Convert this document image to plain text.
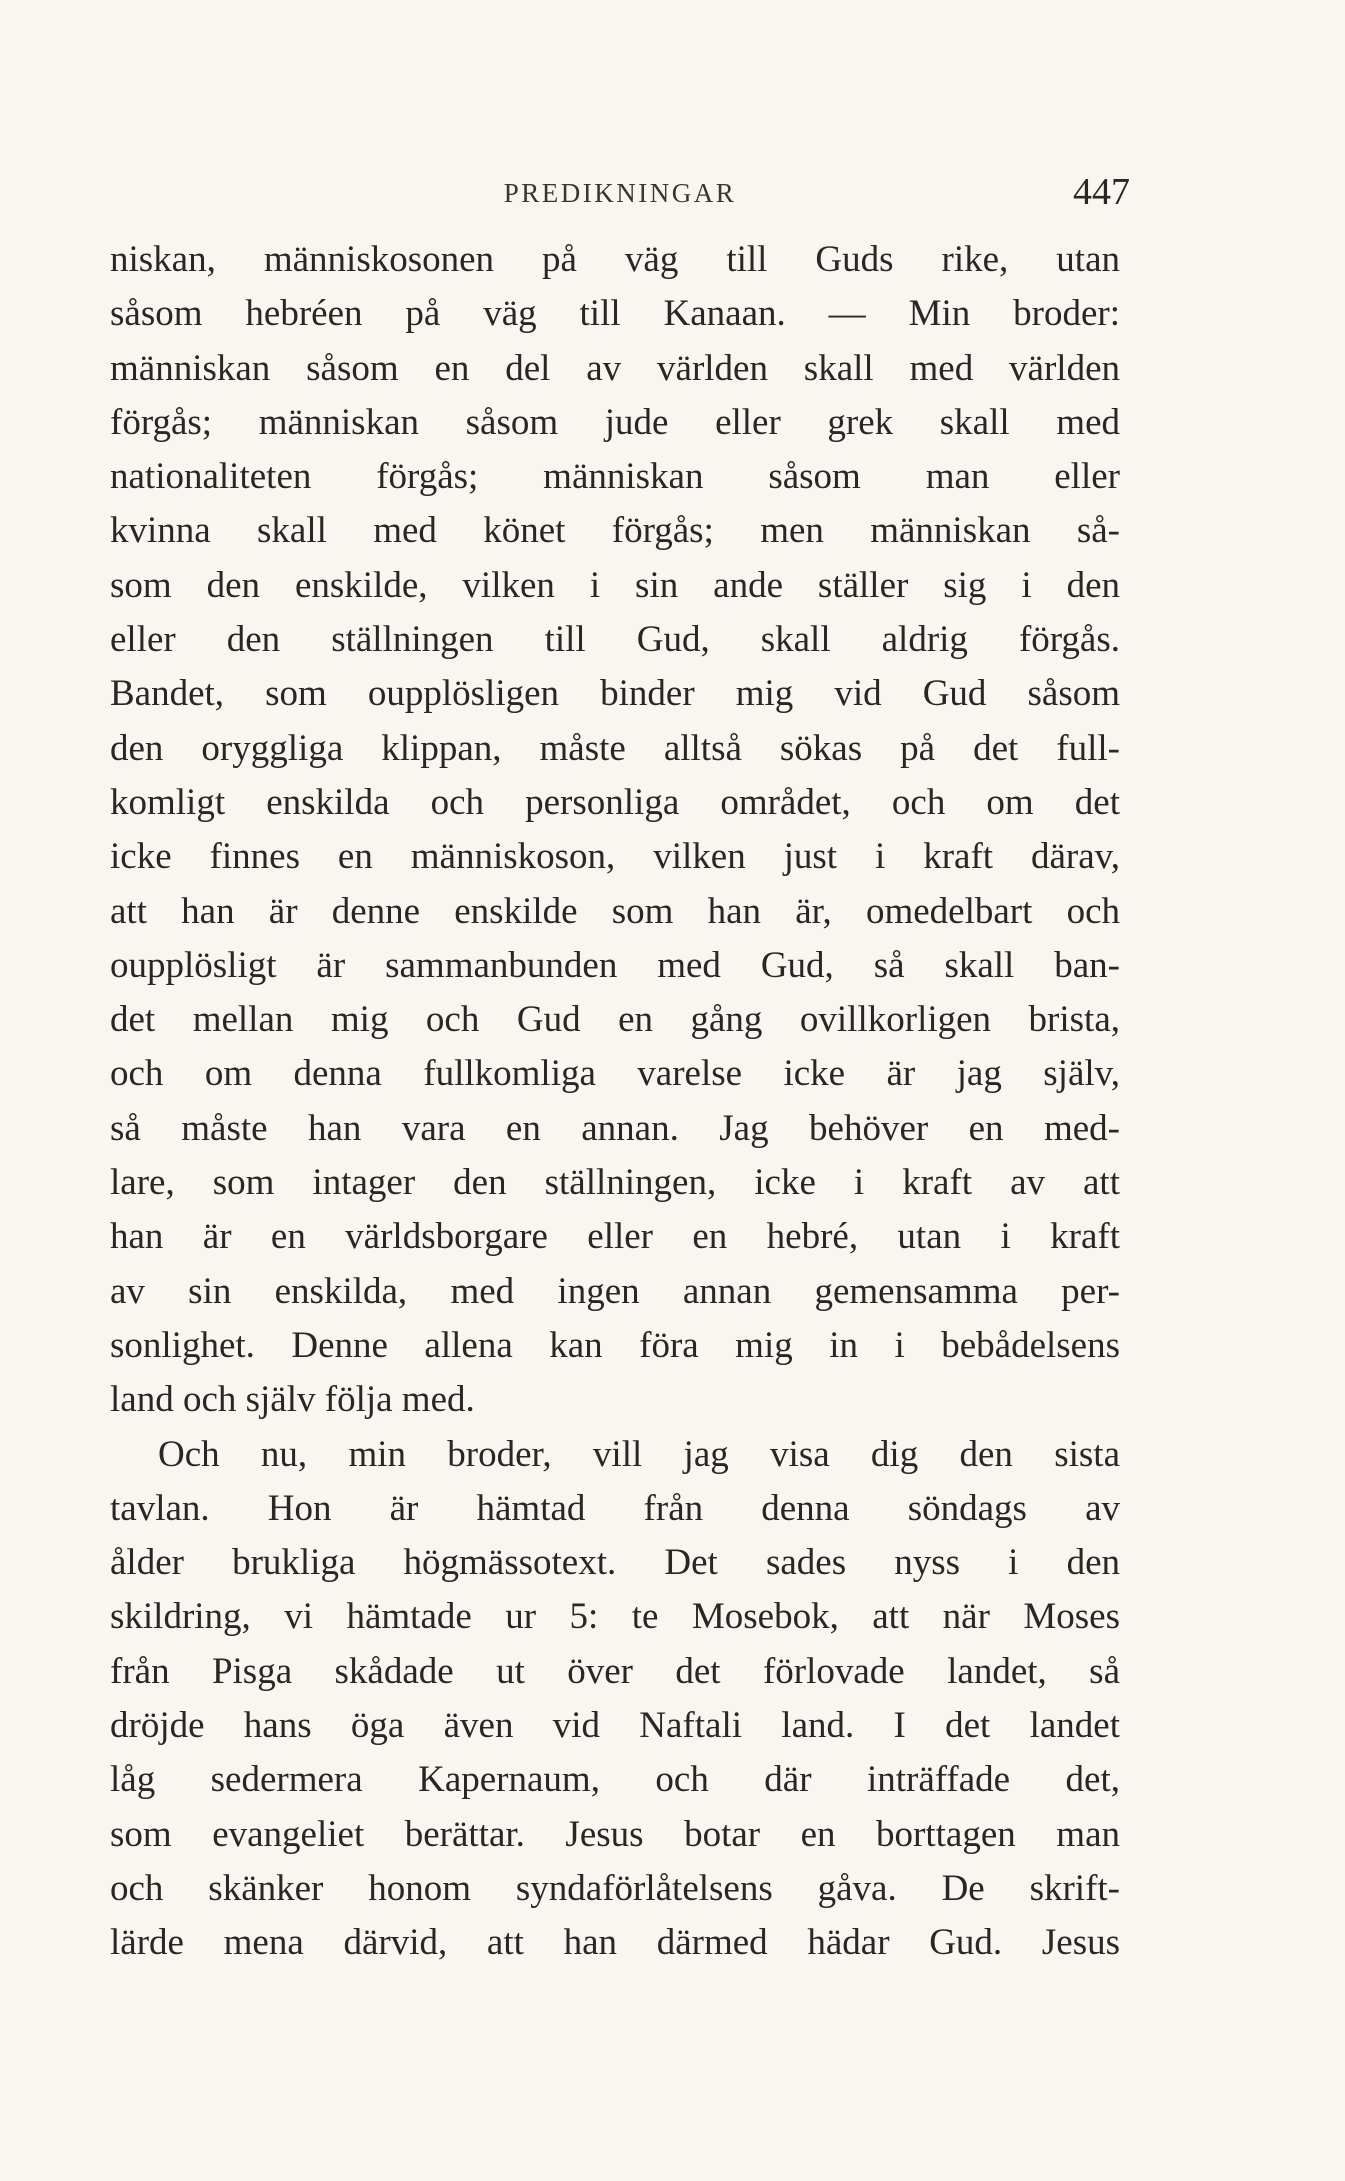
PREDIKNINGAR	447
niskan, människosonen på väg till Guds rike, utan
såsom hebréen på väg till Kanaan. — Min broder:
människan såsom en del av världen skall med världen
förgås; människan såsom jude eller grek skall med
nationaliteten förgås; människan såsom man eller
kvinna skall med könet förgås; men människan så-
som den enskilde, vilken i sin ande ställer sig i den
eller den ställningen till Gud, skall aldrig förgås.
Bandet, som oupplösligen binder mig vid Gud såsom
den oryggliga klippan, måste alltså sökas på det full-
komligt enskilda och personliga området, och om det
icke finnes en människoson, vilken just i kraft därav,
att han är denne enskilde som han är, omedelbart och
oupplösligt är sammanbunden med Gud, så skall ban-
det mellan mig och Gud en gång ovillkorligen brista,
och om denna fullkomliga varelse icke är jag själv,
så måste han vara en annan. Jag behöver en med-
lare, som intager den ställningen, icke i kraft av att
han är en världsborgare eller en hebré, utan i kraft
av sin enskilda, med ingen annan gemensamma per-
sonlighet. Denne allena kan föra mig in i bebådelsens
land och själv följa med.
Och nu, min broder, vill jag visa dig den sista
tavlan. Hon är hämtad från denna söndags av
ålder brukliga högmässotext. Det sades nyss i den
skildring, vi hämtade ur 5: te Mosebok, att när Moses
från Pisga skådade ut över det förlovade landet, så
dröjde hans öga även vid Naftali land. I det landet
låg sedermera Kapernaum, och där inträffade det,
som evangeliet berättar. Jesus botar en borttagen man
och skänker honom syndaförlåtelsens gåva. De skrift-
lärde mena därvid, att han därmed hädar Gud. Jesus
